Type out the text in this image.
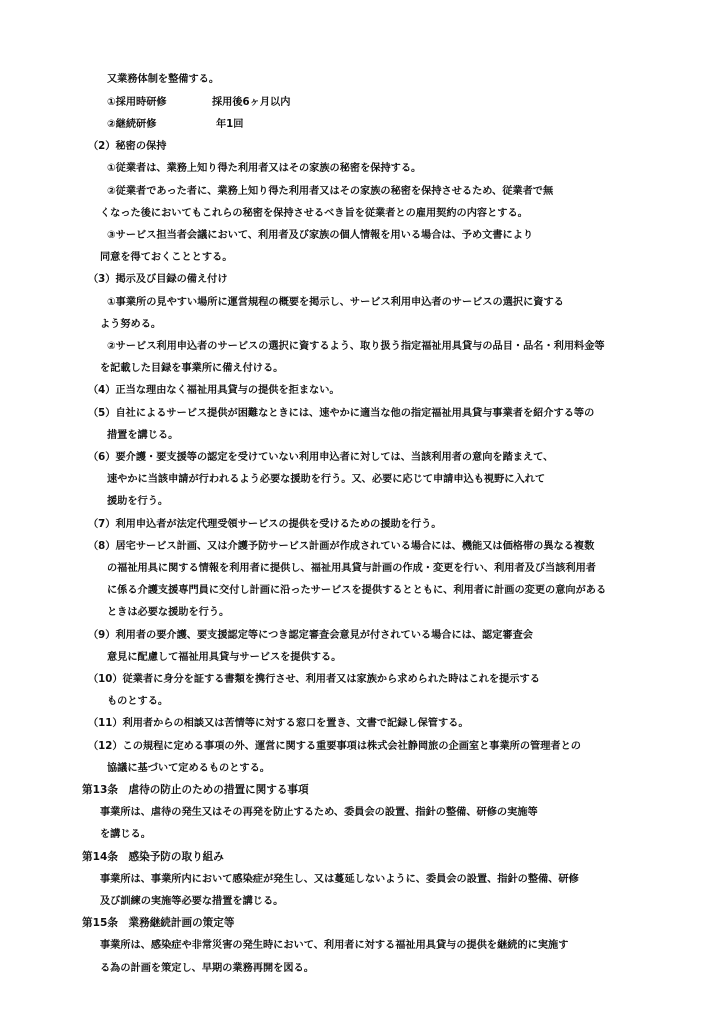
又業務体制を整備する。
①採用時研修	採用後6ヶ月以内
②継続研修	年1回
（2）秘密の保持
①従業者は、業務上知り得た利用者又はその家族の秘密を保持する。
②従業者であった者に、業務上知り得た利用者又はその家族の秘密を保持させるため、従業者で無
くなった後においてもこれらの秘密を保持させるべき旨を従業者との雇用契約の内容とする。
③サービス担当者会議において、利用者及び家族の個人情報を用いる場合は、予め文書により
同意を得ておくこととする。
（3）掲示及び目録の備え付け
①事業所の見やすい場所に運営規程の概要を掲示し、サービス利用申込者のサービスの選択に資する
よう努める。
②サービス利用申込者のサービスの選択に資するよう、取り扱う指定福祉用具貸与の品目・品名・利用料金等
を記載した目録を事業所に備え付ける。
（4）正当な理由なく福祉用具貸与の提供を拒まない。
（5）自社によるサービス提供が困難なときには、速やかに適当な他の指定福祉用具貸与事業者を紹介する等の
措置を講じる。
（6）要介護・要支援等の認定を受けていない利用申込者に対しては、当該利用者の意向を踏まえて、
速やかに当該申請が行われるよう必要な援助を行う。又、必要に応じて申請申込も視野に入れて
援助を行う。
（7）利用申込者が法定代理受領サービスの提供を受けるための援助を行う。
（8）居宅サービス計画、又は介護予防サービス計画が作成されている場合には、機能又は価格帯の異なる複数
の福祉用具に関する情報を利用者に提供し、福祉用具貸与計画の作成・変更を行い、利用者及び当該利用者
に係る介護支援専門員に交付し計画に沿ったサービスを提供するとともに、利用者に計画の変更の意向がある
ときは必要な援助を行う。
（9）利用者の要介護、要支援認定等につき認定審査会意見が付されている場合には、認定審査会
意見に配慮して福祉用具貸与サービスを提供する。
（10）従業者に身分を証する書類を携行させ、利用者又は家族から求められた時はこれを提示する
ものとする。
（11）利用者からの相談又は苦情等に対する窓口を置き、文書で記録し保管する。
（12）この規程に定める事項の外、運営に関する重要事項は株式会社静岡旅の企画室と事業所の管理者との
協議に基づいて定めるものとする。
第13条　虐待の防止のための措置に関する事項
事業所は、虐待の発生又はその再発を防止するため、委員会の設置、指針の整備、研修の実施等
を講じる。
第14条　感染予防の取り組み
事業所は、事業所内において感染症が発生し、又は蔓延しないように、委員会の設置、指針の整備、研修
及び訓練の実施等必要な措置を講じる。
第15条　業務継続計画の策定等
事業所は、感染症や非常災害の発生時において、利用者に対する福祉用具貸与の提供を継続的に実施す
る為の計画を策定し、早期の業務再開を図る。
